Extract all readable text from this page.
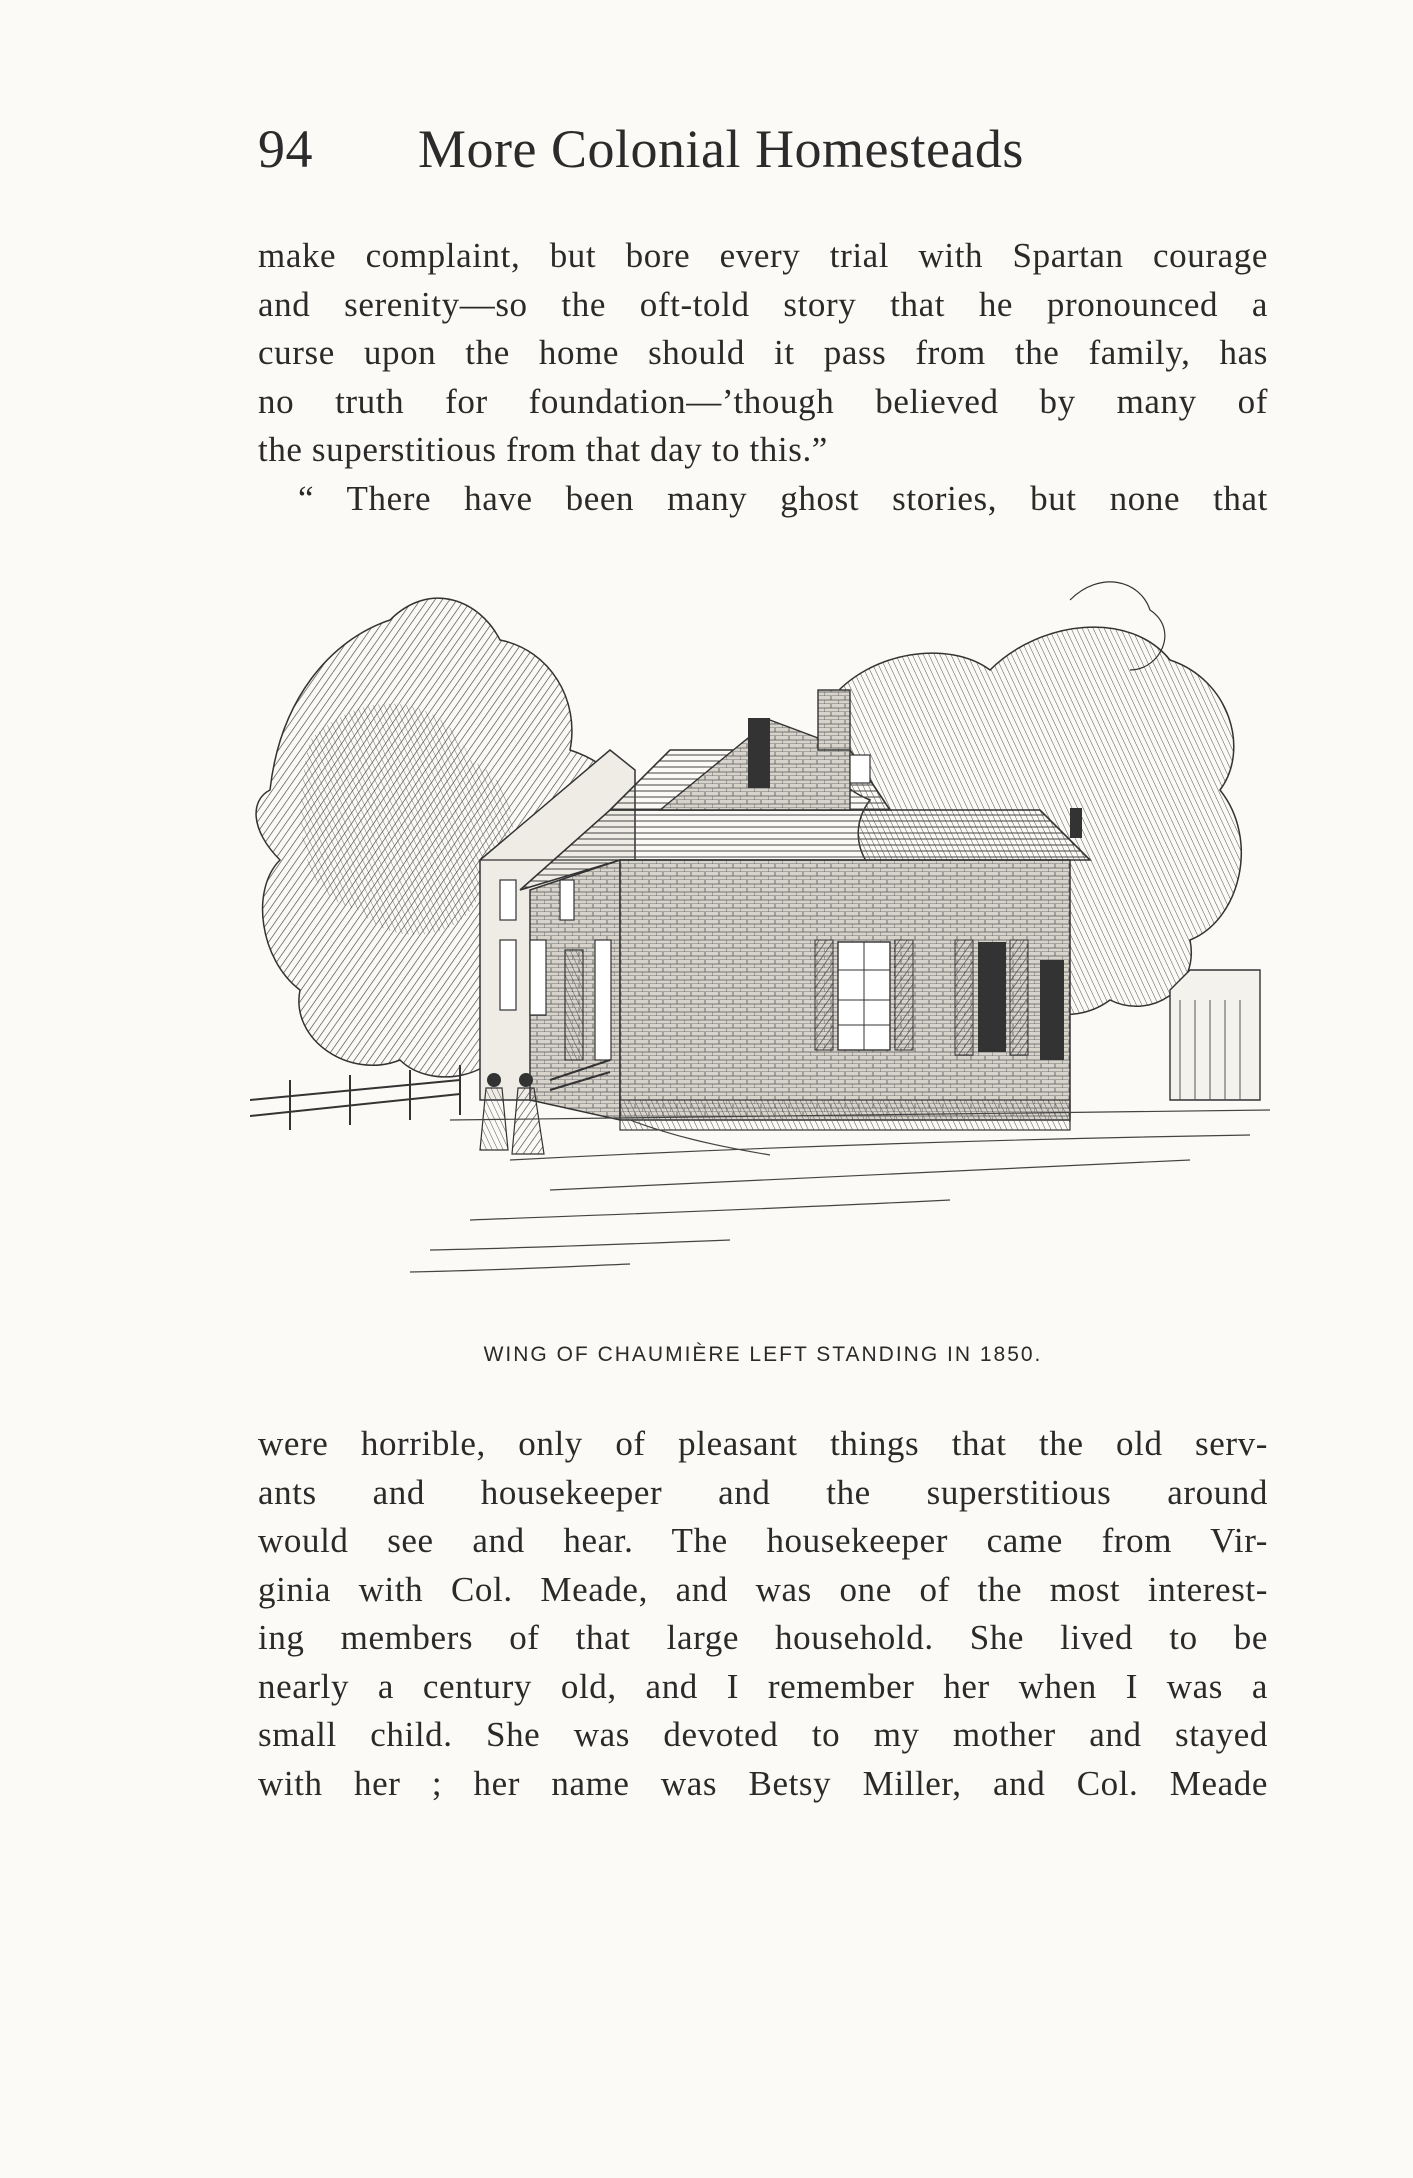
94 More Colonial Homesteads
make complaint, but bore every trial with Spartan courage
and serenity—so the oft-told story that he pronounced a
curse upon the home should it pass from the family, has
no truth for foundation—’though believed by many of
the superstitious from that day to this.”
“ There have been many ghost stories, but none that
WING OF CHAUMIÈRE LEFT STANDING IN 1850.
were horrible, only of pleasant things that the old serv-
ants and housekeeper and the superstitious around
would see and hear. The housekeeper came from Vir-
ginia with Col. Meade, and was one of the most interest-
ing members of that large household. She lived to be
nearly a century old, and I remember her when I was a
small child. She was devoted to my mother and stayed
with her ; her name was Betsy Miller, and Col. Meade
